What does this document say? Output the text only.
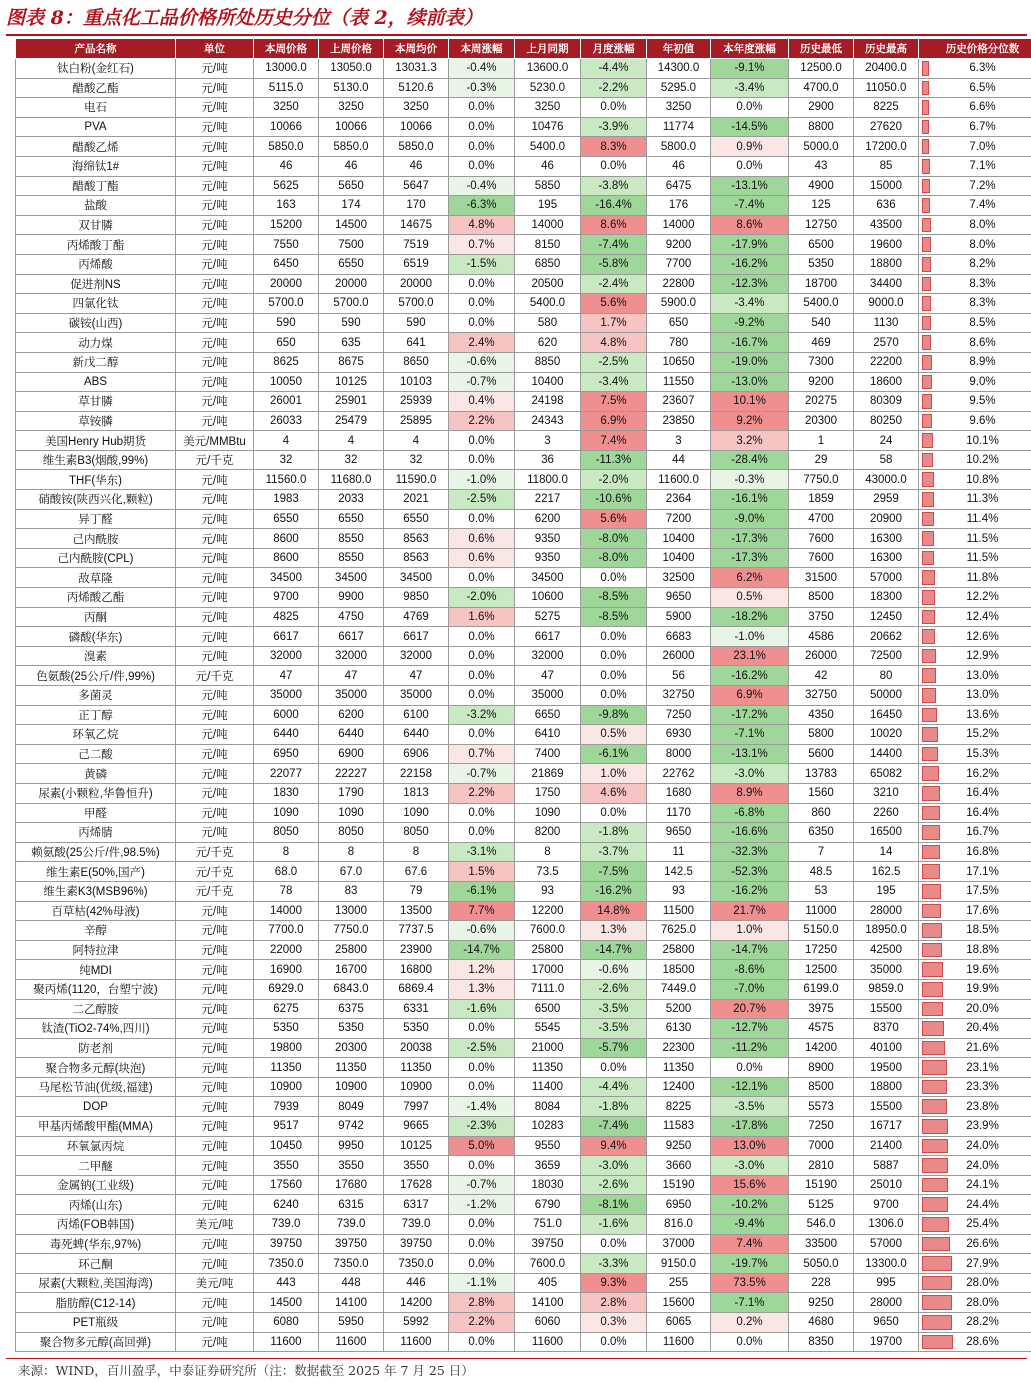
图表 8：重点化工品价格所处历史分位（表 2，续前表）
产品名称	单位	本周价格	上周价格	本周均价	本周涨幅	上月同期	月度涨幅	年初值	本年度涨幅	历史最低	历史最高	历史价格分位数
钛白粉(金红石)	元/吨	13000.0	13050.0	13031.3	-0.4%	13600.0	-4.4%	14300.0	-9.1%	12500.0	20400.0	6.3%
醋酸乙酯	元/吨	5115.0	5130.0	5120.6	-0.3%	5230.0	-2.2%	5295.0	-3.4%	4700.0	11050.0	6.5%
电石	元/吨	3250	3250	3250	0.0%	3250	0.0%	3250	0.0%	2900	8225	6.6%
PVA	元/吨	10066	10066	10066	0.0%	10476	-3.9%	11774	-14.5%	8800	27620	6.7%
醋酸乙烯	元/吨	5850.0	5850.0	5850.0	0.0%	5400.0	8.3%	5800.0	0.9%	5000.0	17200.0	7.0%
海绵钛1#	元/吨	46	46	46	0.0%	46	0.0%	46	0.0%	43	85	7.1%
醋酸丁酯	元/吨	5625	5650	5647	-0.4%	5850	-3.8%	6475	-13.1%	4900	15000	7.2%
盐酸	元/吨	163	174	170	-6.3%	195	-16.4%	176	-7.4%	125	636	7.4%
双甘膦	元/吨	15200	14500	14675	4.8%	14000	8.6%	14000	8.6%	12750	43500	8.0%
丙烯酸丁酯	元/吨	7550	7500	7519	0.7%	8150	-7.4%	9200	-17.9%	6500	19600	8.0%
丙烯酸	元/吨	6450	6550	6519	-1.5%	6850	-5.8%	7700	-16.2%	5350	18800	8.2%
促进剂NS	元/吨	20000	20000	20000	0.0%	20500	-2.4%	22800	-12.3%	18700	34400	8.3%
四氯化钛	元/吨	5700.0	5700.0	5700.0	0.0%	5400.0	5.6%	5900.0	-3.4%	5400.0	9000.0	8.3%
碳铵(山西)	元/吨	590	590	590	0.0%	580	1.7%	650	-9.2%	540	1130	8.5%
动力煤	元/吨	650	635	641	2.4%	620	4.8%	780	-16.7%	469	2570	8.6%
新戊二醇	元/吨	8625	8675	8650	-0.6%	8850	-2.5%	10650	-19.0%	7300	22200	8.9%
ABS	元/吨	10050	10125	10103	-0.7%	10400	-3.4%	11550	-13.0%	9200	18600	9.0%
草甘膦	元/吨	26001	25901	25939	0.4%	24198	7.5%	23607	10.1%	20275	80309	9.5%
草铵膦	元/吨	26033	25479	25895	2.2%	24343	6.9%	23850	9.2%	20300	80250	9.6%
美国Henry Hub期货	美元/MMBtu	4	4	4	0.0%	3	7.4%	3	3.2%	1	24	10.1%
维生素B3(烟酸,99%)	元/千克	32	32	32	0.0%	36	-11.3%	44	-28.4%	29	58	10.2%
THF(华东)	元/吨	11560.0	11680.0	11590.0	-1.0%	11800.0	-2.0%	11600.0	-0.3%	7750.0	43000.0	10.8%
硝酸铵(陕西兴化,颗粒)	元/吨	1983	2033	2021	-2.5%	2217	-10.6%	2364	-16.1%	1859	2959	11.3%
异丁醛	元/吨	6550	6550	6550	0.0%	6200	5.6%	7200	-9.0%	4700	20900	11.4%
己内酰胺	元/吨	8600	8550	8563	0.6%	9350	-8.0%	10400	-17.3%	7600	16300	11.5%
己内酰胺(CPL)	元/吨	8600	8550	8563	0.6%	9350	-8.0%	10400	-17.3%	7600	16300	11.5%
敌草隆	元/吨	34500	34500	34500	0.0%	34500	0.0%	32500	6.2%	31500	57000	11.8%
丙烯酸乙酯	元/吨	9700	9900	9850	-2.0%	10600	-8.5%	9650	0.5%	8500	18300	12.2%
丙酮	元/吨	4825	4750	4769	1.6%	5275	-8.5%	5900	-18.2%	3750	12450	12.4%
磷酸(华东)	元/吨	6617	6617	6617	0.0%	6617	0.0%	6683	-1.0%	4586	20662	12.6%
溴素	元/吨	32000	32000	32000	0.0%	32000	0.0%	26000	23.1%	26000	72500	12.9%
色氨酸(25公斤/件,99%)	元/千克	47	47	47	0.0%	47	0.0%	56	-16.2%	42	80	13.0%
多菌灵	元/吨	35000	35000	35000	0.0%	35000	0.0%	32750	6.9%	32750	50000	13.0%
正丁醇	元/吨	6000	6200	6100	-3.2%	6650	-9.8%	7250	-17.2%	4350	16450	13.6%
环氧乙烷	元/吨	6440	6440	6440	0.0%	6410	0.5%	6930	-7.1%	5800	10020	15.2%
己二酸	元/吨	6950	6900	6906	0.7%	7400	-6.1%	8000	-13.1%	5600	14400	15.3%
黄磷	元/吨	22077	22227	22158	-0.7%	21869	1.0%	22762	-3.0%	13783	65082	16.2%
尿素(小颗粒,华鲁恒升)	元/吨	1830	1790	1813	2.2%	1750	4.6%	1680	8.9%	1560	3210	16.4%
甲醛	元/吨	1090	1090	1090	0.0%	1090	0.0%	1170	-6.8%	860	2260	16.4%
丙烯腈	元/吨	8050	8050	8050	0.0%	8200	-1.8%	9650	-16.6%	6350	16500	16.7%
赖氨酸(25公斤/件,98.5%)	元/千克	8	8	8	-3.1%	8	-3.7%	11	-32.3%	7	14	16.8%
维生素E(50%,国产)	元/千克	68.0	67.0	67.6	1.5%	73.5	-7.5%	142.5	-52.3%	48.5	162.5	17.1%
维生素K3(MSB96%)	元/千克	78	83	79	-6.1%	93	-16.2%	93	-16.2%	53	195	17.5%
百草枯(42%母液)	元/吨	14000	13000	13500	7.7%	12200	14.8%	11500	21.7%	11000	28000	17.6%
辛醇	元/吨	7700.0	7750.0	7737.5	-0.6%	7600.0	1.3%	7625.0	1.0%	5150.0	18950.0	18.5%
阿特拉津	元/吨	22000	25800	23900	-14.7%	25800	-14.7%	25800	-14.7%	17250	42500	18.8%
纯MDI	元/吨	16900	16700	16800	1.2%	17000	-0.6%	18500	-8.6%	12500	35000	19.6%
聚丙烯(1120，台塑宁波)	元/吨	6929.0	6843.0	6869.4	1.3%	7111.0	-2.6%	7449.0	-7.0%	6199.0	9859.0	19.9%
二乙醇胺	元/吨	6275	6375	6331	-1.6%	6500	-3.5%	5200	20.7%	3975	15500	20.0%
钛渣(TiO2-74%,四川)	元/吨	5350	5350	5350	0.0%	5545	-3.5%	6130	-12.7%	4575	8370	20.4%
防老剂	元/吨	19800	20300	20038	-2.5%	21000	-5.7%	22300	-11.2%	14200	40100	21.6%
聚合物多元醇(块泡)	元/吨	11350	11350	11350	0.0%	11350	0.0%	11350	0.0%	8900	19500	23.1%
马尾松节油(优级,福建)	元/吨	10900	10900	10900	0.0%	11400	-4.4%	12400	-12.1%	8500	18800	23.3%
DOP	元/吨	7939	8049	7997	-1.4%	8084	-1.8%	8225	-3.5%	5573	15500	23.8%
甲基丙烯酸甲酯(MMA)	元/吨	9517	9742	9665	-2.3%	10283	-7.4%	11583	-17.8%	7250	16717	23.9%
环氧氯丙烷	元/吨	10450	9950	10125	5.0%	9550	9.4%	9250	13.0%	7000	21400	24.0%
二甲醚	元/吨	3550	3550	3550	0.0%	3659	-3.0%	3660	-3.0%	2810	5887	24.0%
金属钠(工业级)	元/吨	17560	17680	17628	-0.7%	18030	-2.6%	15190	15.6%	15190	25010	24.1%
丙烯(山东)	元/吨	6240	6315	6317	-1.2%	6790	-8.1%	6950	-10.2%	5125	9700	24.4%
丙烯(FOB韩国)	美元/吨	739.0	739.0	739.0	0.0%	751.0	-1.6%	816.0	-9.4%	546.0	1306.0	25.4%
毒死蜱(华东,97%)	元/吨	39750	39750	39750	0.0%	39750	0.0%	37000	7.4%	33500	57000	26.6%
环己酮	元/吨	7350.0	7350.0	7350.0	0.0%	7600.0	-3.3%	9150.0	-19.7%	5050.0	13300.0	27.9%
尿素(大颗粒,美国海湾)	美元/吨	443	448	446	-1.1%	405	9.3%	255	73.5%	228	995	28.0%
脂肪醇(C12-14)	元/吨	14500	14100	14200	2.8%	14100	2.8%	15600	-7.1%	9250	28000	28.0%
PET瓶级	元/吨	6080	5950	5992	2.2%	6060	0.3%	6065	0.2%	4680	9650	28.2%
聚合物多元醇(高回弹)	元/吨	11600	11600	11600	0.0%	11600	0.0%	11600	0.0%	8350	19700	28.6%
来源：WIND，百川盈孚，中泰证券研究所（注：数据截至 2025 年 7 月 25 日）
